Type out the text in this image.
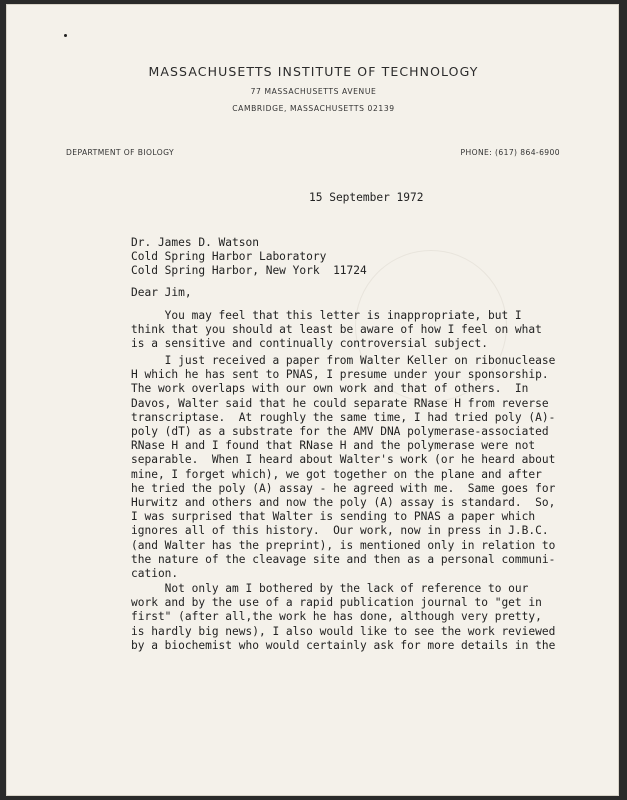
MASSACHUSETTS INSTITUTE OF TECHNOLOGY
77 MASSACHUSETTS AVENUE
CAMBRIDGE, MASSACHUSETTS 02139
DEPARTMENT OF BIOLOGY	PHONE: (617) 864-6900
15 September 1972
Dr. James D. Watson
Cold Spring Harbor Laboratory
Cold Spring Harbor, New York  11724
Dear Jim,
You may feel that this letter is inappropriate, but I
think that you should at least be aware of how I feel on what
is a sensitive and continually controversial subject.
I just received a paper from Walter Keller on ribonuclease
H which he has sent to PNAS, I presume under your sponsorship.
The work overlaps with our own work and that of others.  In
Davos, Walter said that he could separate RNase H from reverse
transcriptase.  At roughly the same time, I had tried poly (A)-
poly (dT) as a substrate for the AMV DNA polymerase-associated
RNase H and I found that RNase H and the polymerase were not
separable.  When I heard about Walter's work (or he heard about
mine, I forget which), we got together on the plane and after
he tried the poly (A) assay - he agreed with me.  Same goes for
Hurwitz and others and now the poly (A) assay is standard.  So,
I was surprised that Walter is sending to PNAS a paper which
ignores all of this history.  Our work, now in press in J.B.C.
(and Walter has the preprint), is mentioned only in relation to
the nature of the cleavage site and then as a personal communi-
cation.
Not only am I bothered by the lack of reference to our
work and by the use of a rapid publication journal to "get in
first" (after all,the work he has done, although very pretty,
is hardly big news), I also would like to see the work reviewed
by a biochemist who would certainly ask for more details in the
